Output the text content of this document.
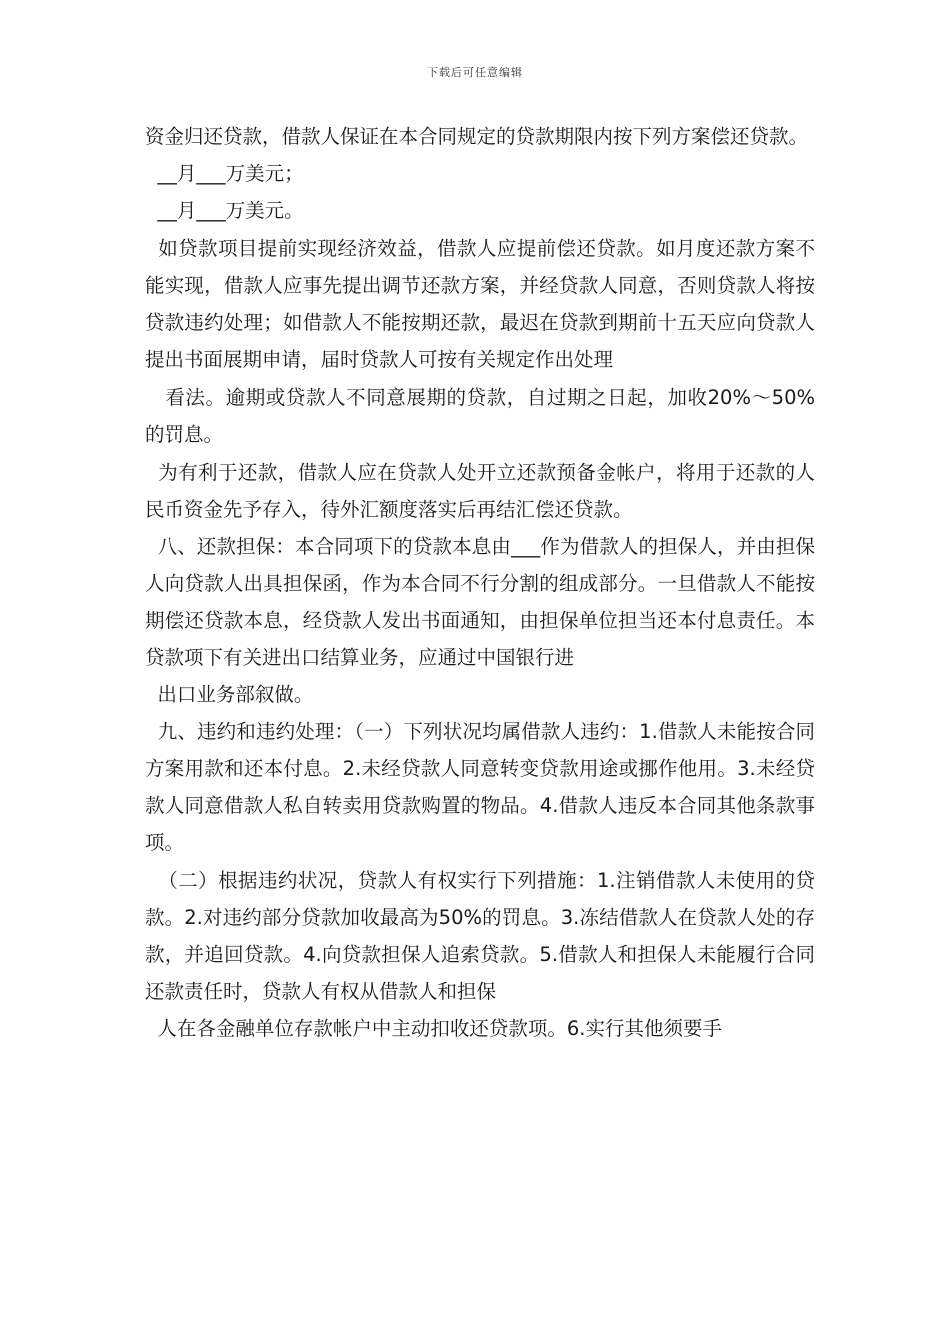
下载后可任意编辑

资金归还贷款，借款人保证在本合同规定的贷款期限内按下列方案偿还贷款。

__月___万美元；

__月___万美元。

如贷款项目提前实现经济效益，借款人应提前偿还贷款。如月度还款方案不能实现，借款人应事先提出调节还款方案，并经贷款人同意，否则贷款人将按贷款违约处理；如借款人不能按期还款，最迟在贷款到期前十五天应向贷款人提出书面展期申请，届时贷款人可按有关规定作出处理

看法。逾期或贷款人不同意展期的贷款，自过期之日起，加收20%～50%的罚息。

为有利于还款，借款人应在贷款人处开立还款预备金帐户，将用于还款的人民币资金先予存入，待外汇额度落实后再结汇偿还贷款。

八、还款担保：本合同项下的贷款本息由___作为借款人的担保人，并由担保人向贷款人出具担保函，作为本合同不行分割的组成部分。一旦借款人不能按期偿还贷款本息，经贷款人发出书面通知，由担保单位担当还本付息责任。本贷款项下有关进出口结算业务，应通过中国银行进

出口业务部叙做。

九、违约和违约处理：（一）下列状况均属借款人违约：1.借款人未能按合同方案用款和还本付息。2.未经贷款人同意转变贷款用途或挪作他用。3.未经贷款人同意借款人私自转卖用贷款购置的物品。4.借款人违反本合同其他条款事项。

（二）根据违约状况，贷款人有权实行下列措施：1.注销借款人未使用的贷款。2.对违约部分贷款加收最高为50%的罚息。3.冻结借款人在贷款人处的存款，并追回贷款。4.向贷款担保人追索贷款。5.借款人和担保人未能履行合同还款责任时，贷款人有权从借款人和担保

人在各金融单位存款帐户中主动扣收还贷款项。6.实行其他须要手
